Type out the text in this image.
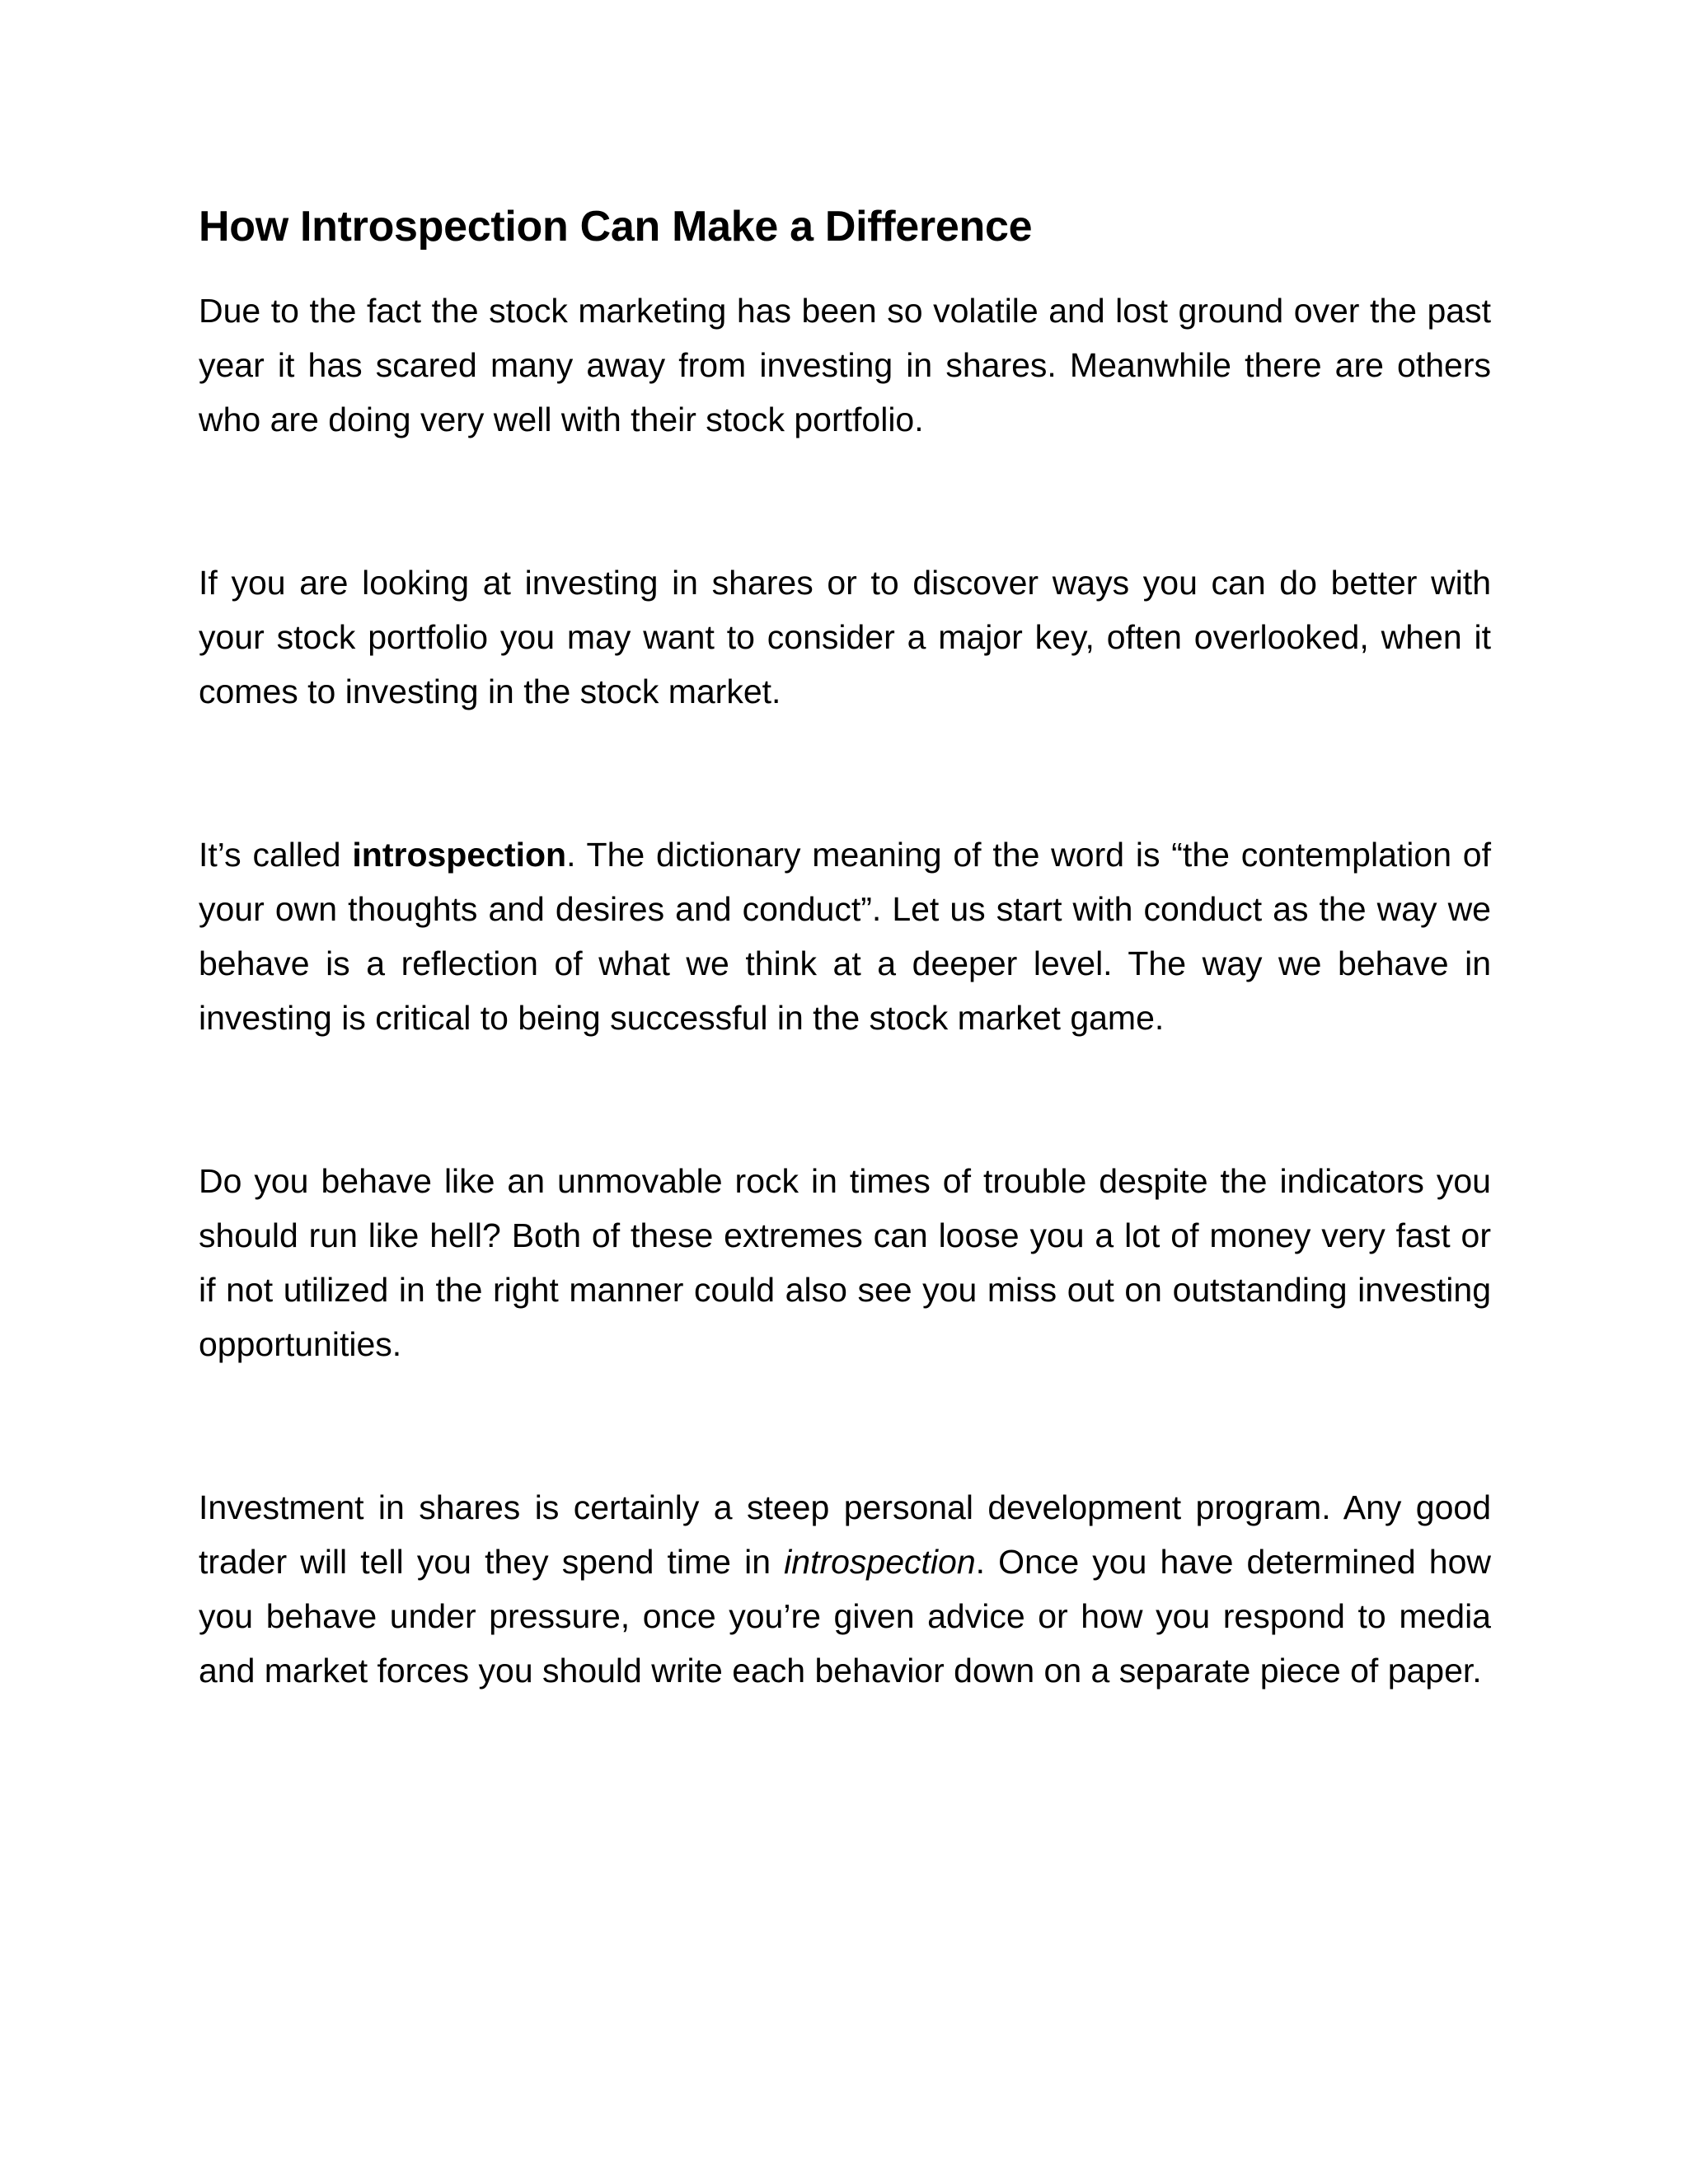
How Introspection Can Make a Difference

Due to the fact the stock marketing has been so volatile and lost ground over the past year it has scared many away from investing in shares. Meanwhile there are others who are doing very well with their stock portfolio.

If you are looking at investing in shares or to discover ways you can do better with your stock portfolio you may want to consider a major key, often overlooked, when it comes to investing in the stock market.

It’s called introspection. The dictionary meaning of the word is “the contemplation of your own thoughts and desires and conduct”. Let us start with conduct as the way we behave is a reflection of what we think at a deeper level. The way we behave in investing is critical to being successful in the stock market game.

Do you behave like an unmovable rock in times of trouble despite the indicators you should run like hell? Both of these extremes can loose you a lot of money very fast or if not utilized in the right manner could also see you miss out on outstanding investing opportunities.

Investment in shares is certainly a steep personal development program. Any good trader will tell you they spend time in introspection. Once you have determined how you behave under pressure, once you’re given advice or how you respond to media and market forces you should write each behavior down on a separate piece of paper.
